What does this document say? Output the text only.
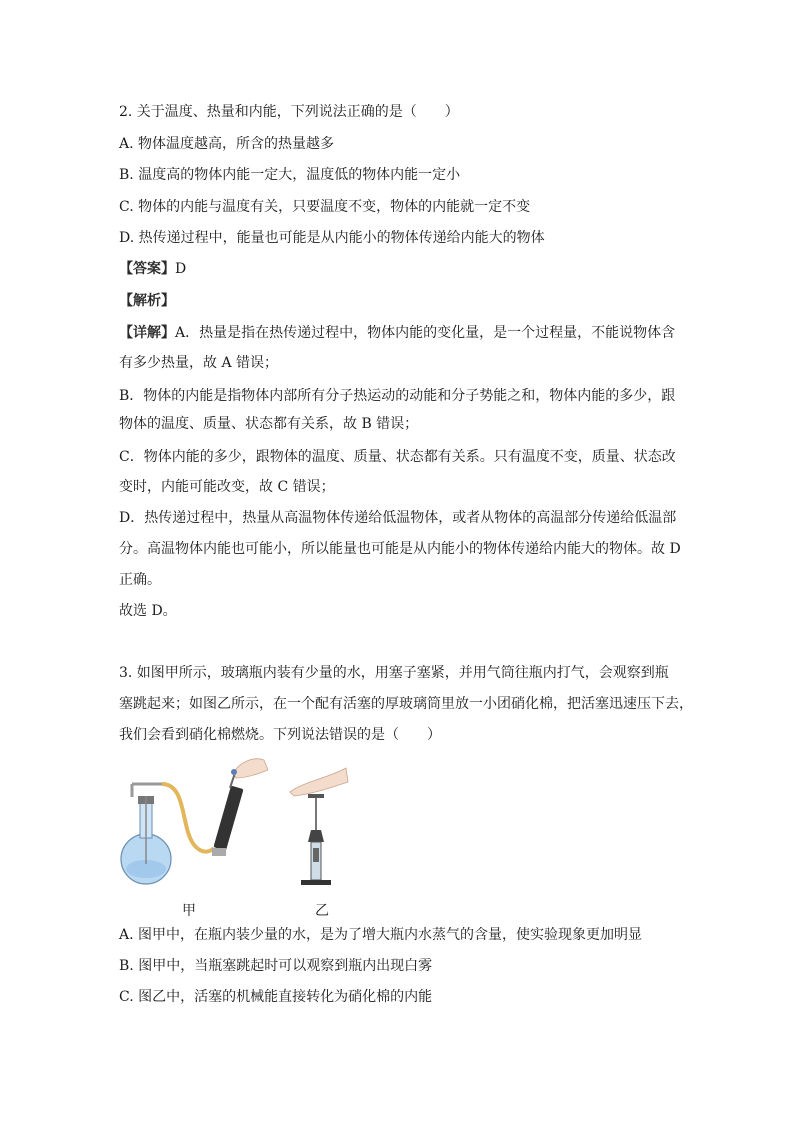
2. 关于温度、热量和内能，下列说法正确的是（　　）
A. 物体温度越高，所含的热量越多
B. 温度高的物体内能一定大，温度低的物体内能一定小
C. 物体的内能与温度有关，只要温度不变，物体的内能就一定不变
D. 热传递过程中，能量也可能是从内能小的物体传递给内能大的物体
【答案】D
【解析】
【详解】A．热量是指在热传递过程中，物体内能的变化量，是一个过程量，不能说物体含
有多少热量，故 A 错误；
B．物体的内能是指物体内部所有分子热运动的动能和分子势能之和，物体内能的多少，跟
物体的温度、质量、状态都有关系，故 B 错误；
C．物体内能的多少，跟物体的温度、质量、状态都有关系。只有温度不变，质量、状态改
变时，内能可能改变，故 C 错误；
D．热传递过程中，热量从高温物体传递给低温物体，或者从物体的高温部分传递给低温部
分。高温物体内能也可能小，所以能量也可能是从内能小的物体传递给内能大的物体。故 D
正确。
故选 D。
3. 如图甲所示，玻璃瓶内装有少量的水，用塞子塞紧，并用气筒往瓶内打气，会观察到瓶
塞跳起来；如图乙所示，在一个配有活塞的厚玻璃筒里放一小团硝化棉，把活塞迅速压下去，
我们会看到硝化棉燃烧。下列说法错误的是（　　）
甲	乙
A. 图甲中，在瓶内装少量的水，是为了增大瓶内水蒸气的含量，使实验现象更加明显
B. 图甲中，当瓶塞跳起时可以观察到瓶内出现白雾
C. 图乙中，活塞的机械能直接转化为硝化棉的内能
